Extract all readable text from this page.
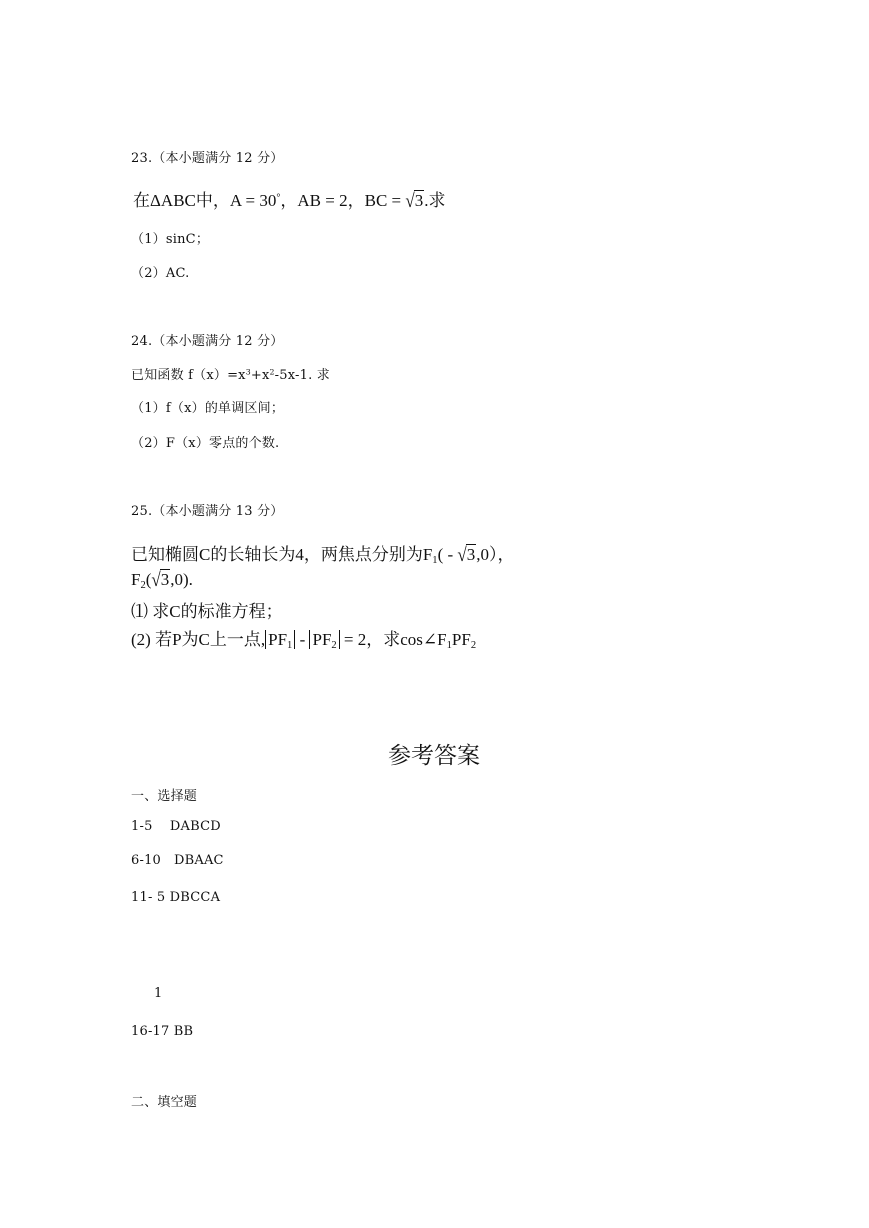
23.（本小题满分 12 分）
在ΔABC中，A = 30°，AB = 2，BC = √3.求
（1）sinC；
（2）AC.
24.（本小题满分 12 分）
已知函数 $f(x)=x^3+x^2-5x-1$. 求
（1）f（x）的单调区间；
（2）F（x）零点的个数.
25.（本小题满分 13 分）
已知椭圆C的长轴长为4，两焦点分别为$F_1( - √3,0)$，
$F_2(√3,0)$.
⑴ 求C的标准方程；
(2) 若P为C上一点, $PF_1 - PF_2 = 2$，求$\cos\angle F_1PF_2$
参考答案
一、选择题
1-5    DABCD
6-10   DBAAC
11- 5 DBCCA
1
16-17 BB
二、填空题
